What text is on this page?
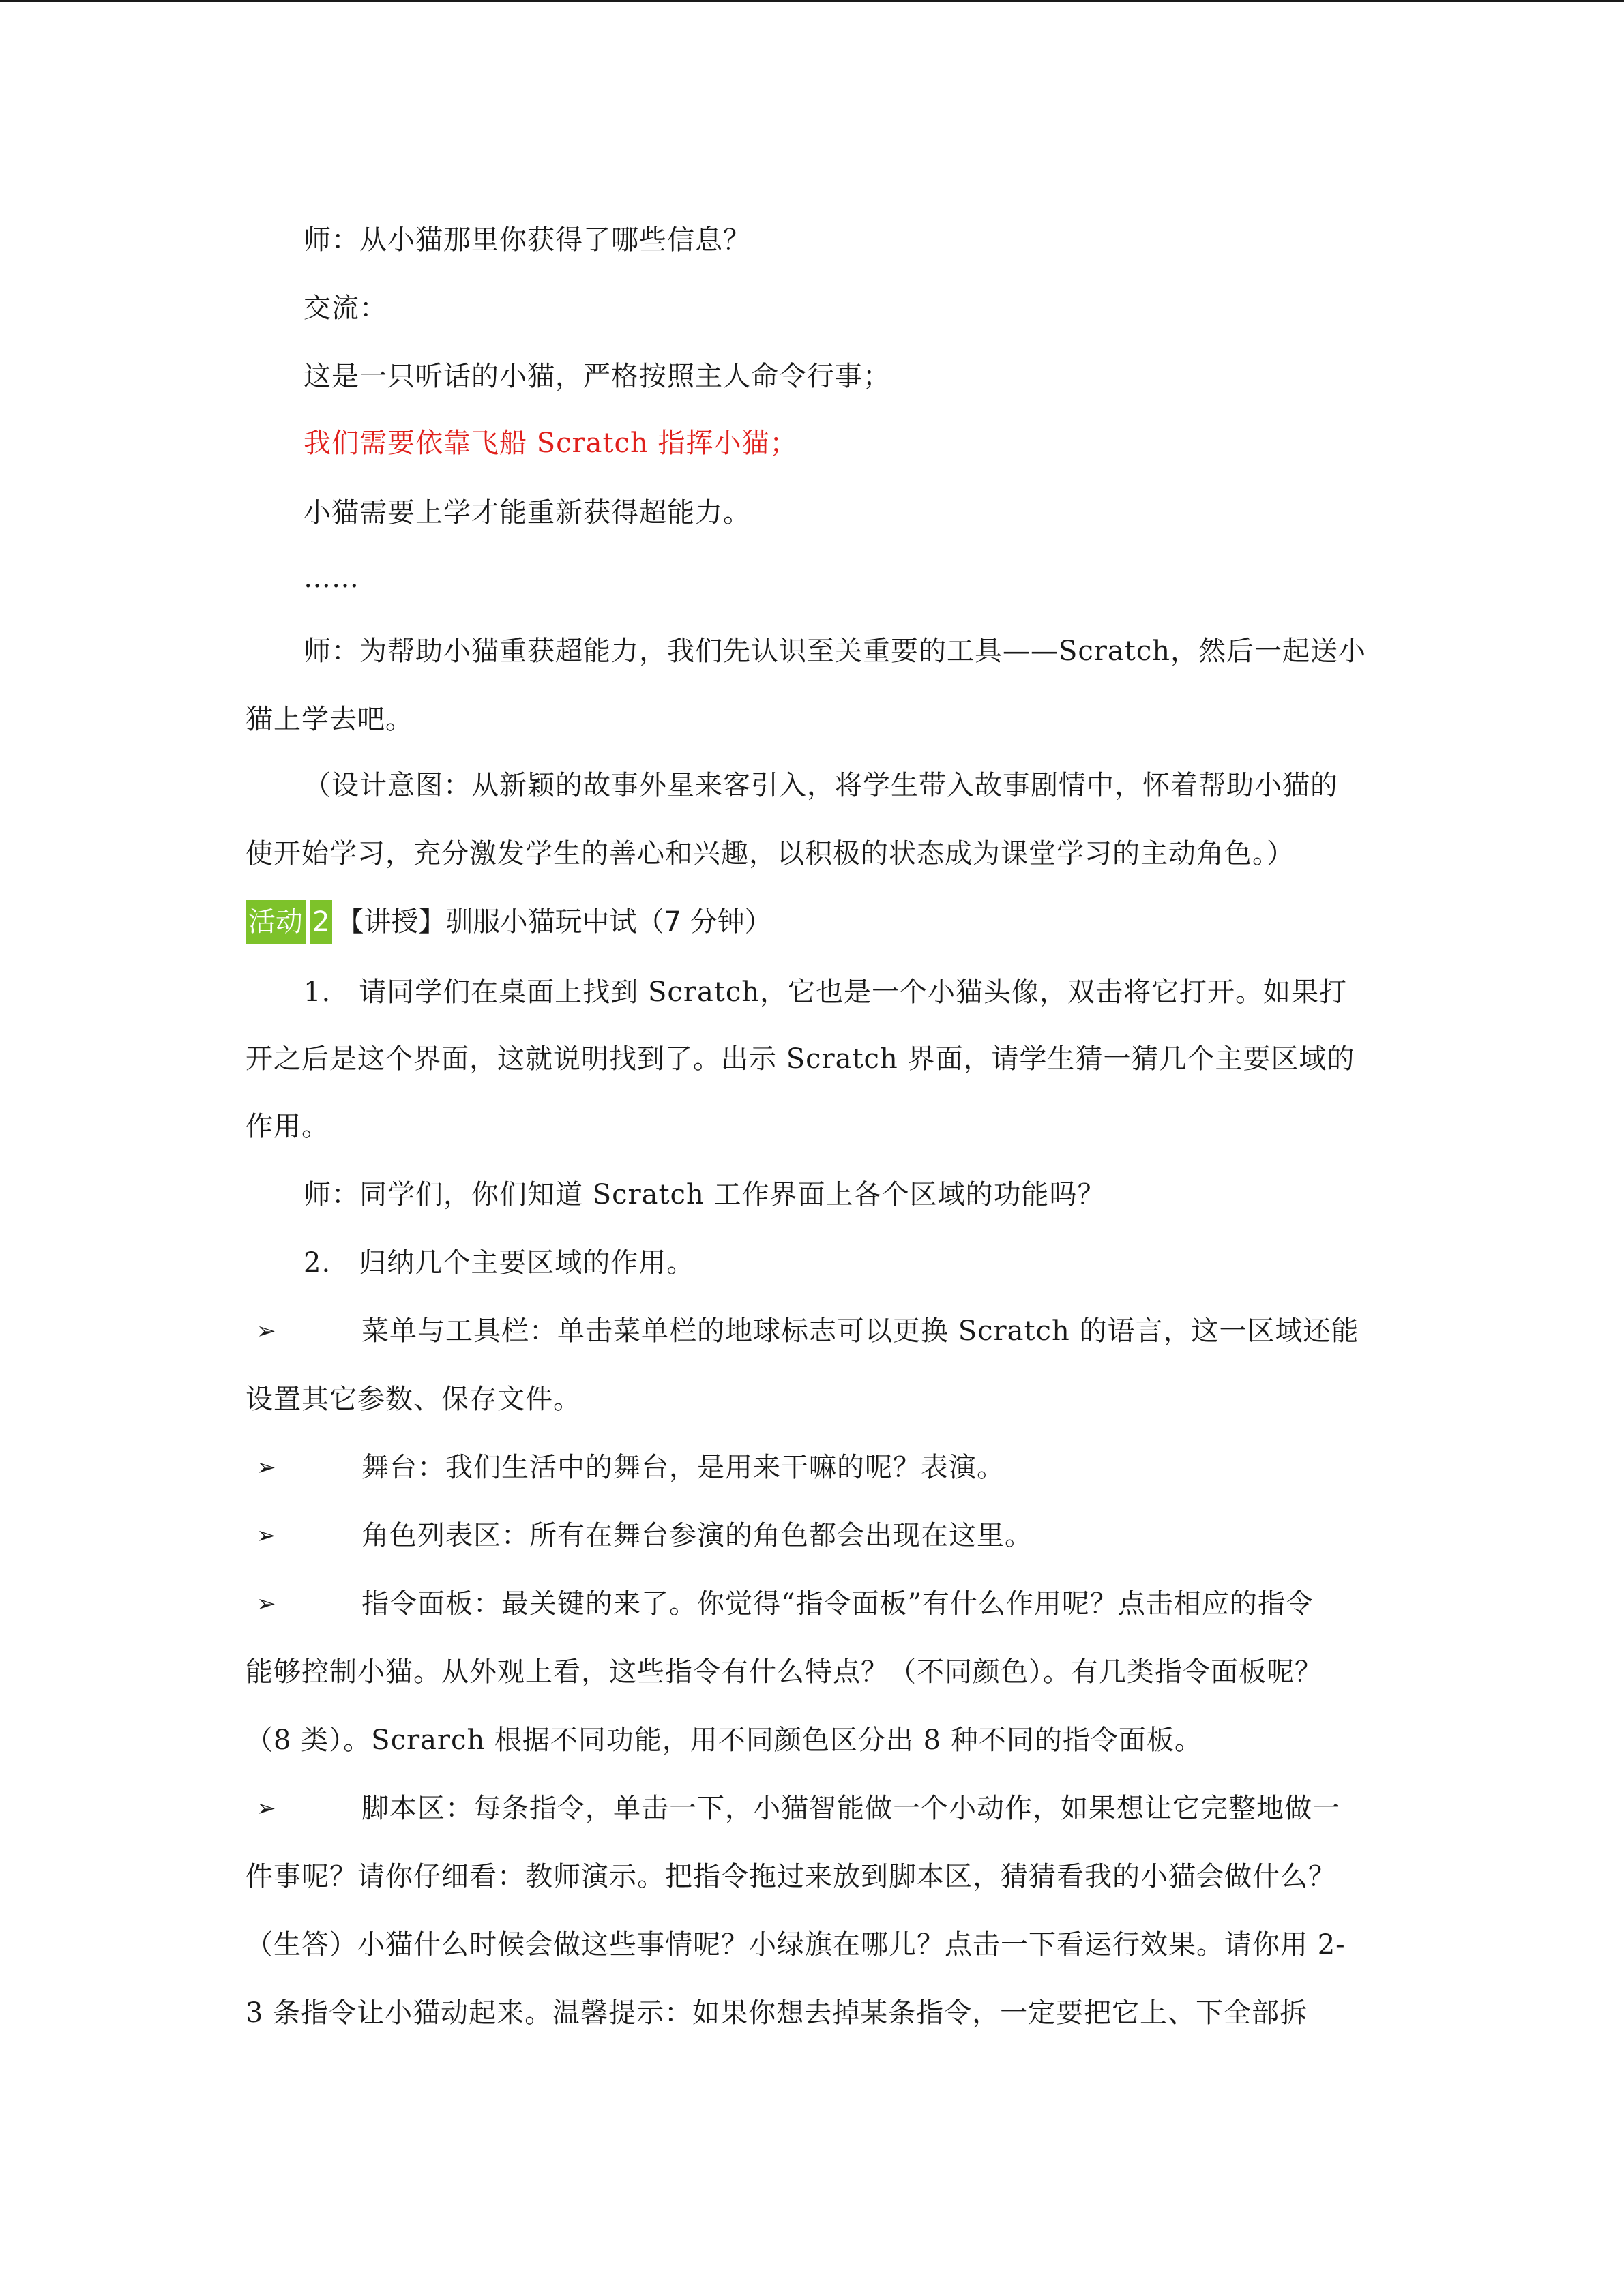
师：从小猫那里你获得了哪些信息？
交流：
这是一只听话的小猫，严格按照主人命令行事；
我们需要依靠飞船 Scratch 指挥小猫；
小猫需要上学才能重新获得超能力。
……
师：为帮助小猫重获超能力，我们先认识至关重要的工具——Scratch，然后一起送小
猫上学去吧。
（设计意图：从新颖的故事外星来客引入，将学生带入故事剧情中，怀着帮助小猫的
使开始学习，充分激发学生的善心和兴趣，以积极的状态成为课堂学习的主动角色。）
活动 2 【讲授】驯服小猫玩中试（7 分钟）
1.   请同学们在桌面上找到 Scratch，它也是一个小猫头像，双击将它打开。如果打
开之后是这个界面，这就说明找到了。出示 Scratch 界面，请学生猜一猜几个主要区域的
作用。
师：同学们，你们知道 Scratch 工作界面上各个区域的功能吗？
2.   归纳几个主要区域的作用。
➢	菜单与工具栏：单击菜单栏的地球标志可以更换 Scratch 的语言，这一区域还能
设置其它参数、保存文件。
➢	舞台：我们生活中的舞台，是用来干嘛的呢？表演。
➢	角色列表区：所有在舞台参演的角色都会出现在这里。
➢	指令面板：最关键的来了。你觉得“指令面板”有什么作用呢？点击相应的指令
能够控制小猫。从外观上看，这些指令有什么特点？（不同颜色）。有几类指令面板呢？
（8 类）。Scrarch 根据不同功能，用不同颜色区分出 8 种不同的指令面板。
➢	脚本区：每条指令，单击一下，小猫智能做一个小动作，如果想让它完整地做一
件事呢？请你仔细看：教师演示。把指令拖过来放到脚本区，猜猜看我的小猫会做什么？
（生答）小猫什么时候会做这些事情呢？小绿旗在哪儿？点击一下看运行效果。请你用 2-
3 条指令让小猫动起来。温馨提示：如果你想去掉某条指令，一定要把它上、下全部拆
